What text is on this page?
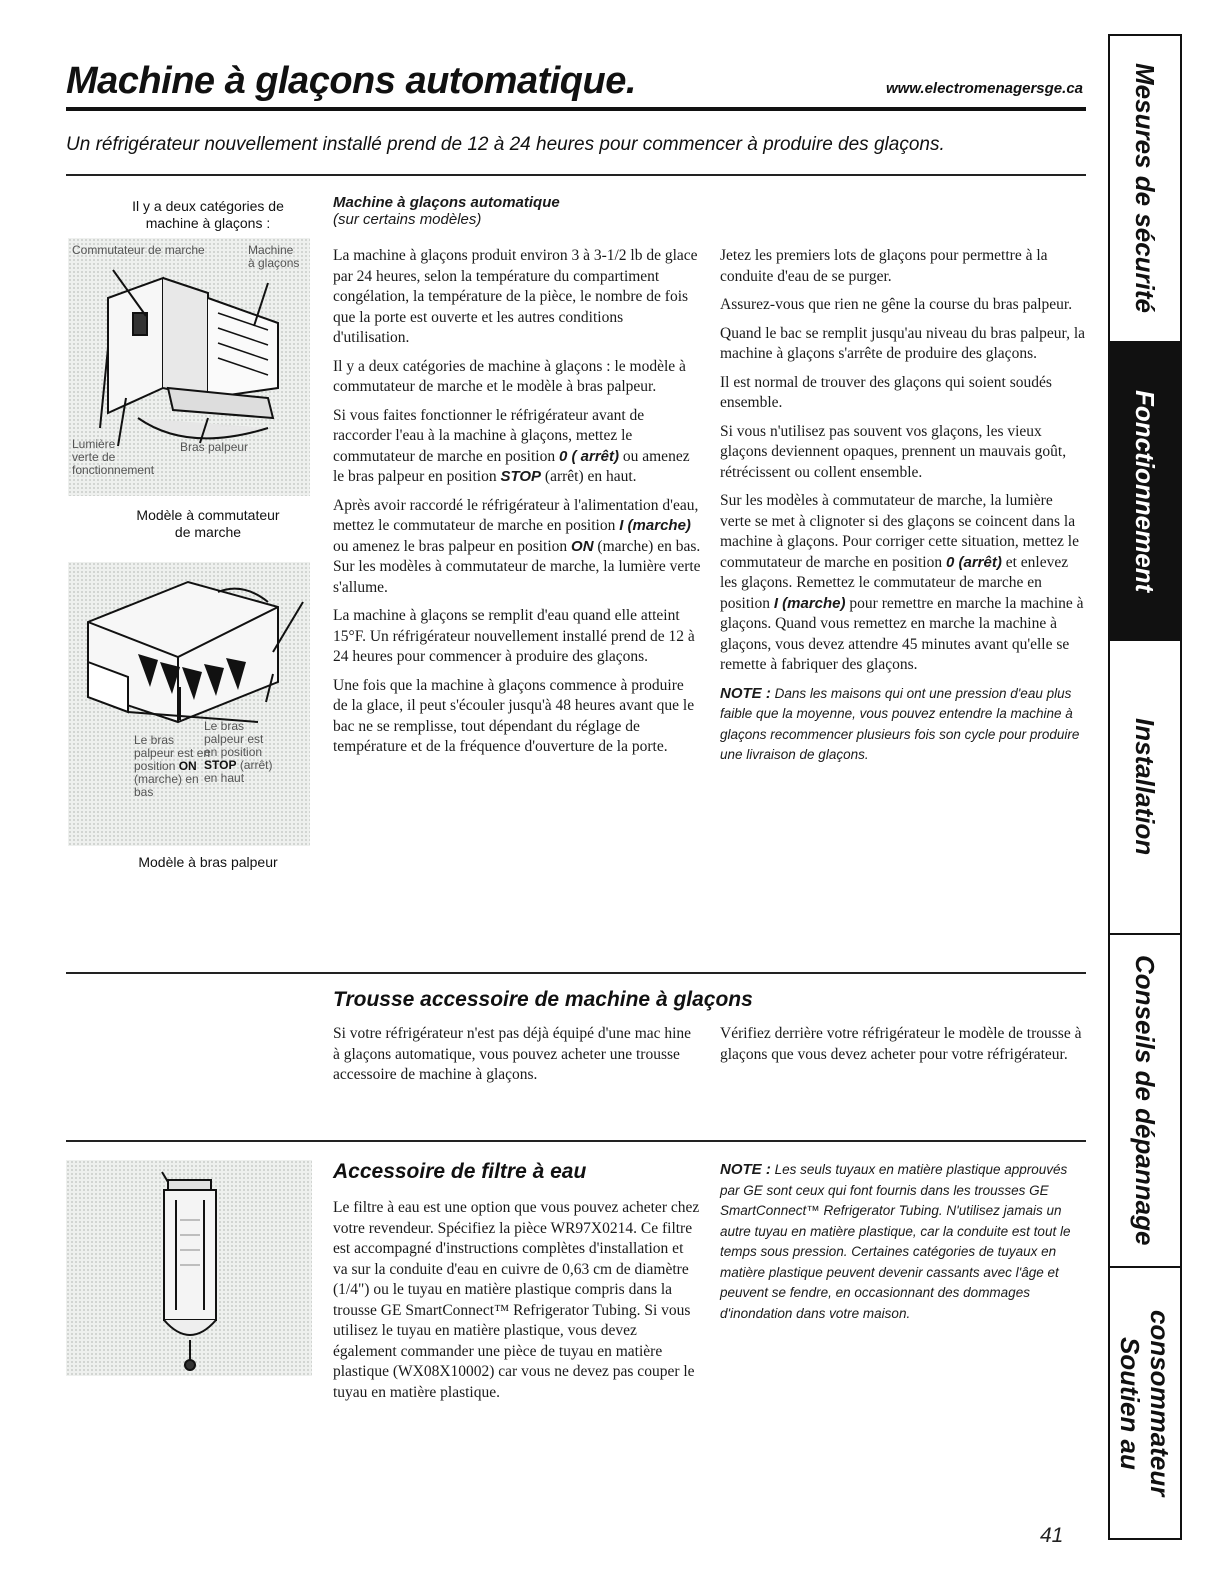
Machine à glaçons automatique.	www.electromenagersge.ca
Un réfrigérateur nouvellement installé prend de 12 à 24 heures pour commencer à produire des glaçons.
Il y a deux catégories de
machine à glaçons :
Commutateur de marche	Machine
à glaçons
Lumière
verte de
fonctionnement
Bras palpeur
Modèle à commutateur
de marche
Le bras
palpeur est
en position
STOP (arrêt)
en haut
Le bras
palpeur est en
position ON
(marche) en
bas
Modèle à bras palpeur
Machine à glaçons automatique
(sur certains modèles)

La machine à glaçons produit environ 3 à 3-1/2 lb de glace par 24 heures, selon la température du compartiment congélation, la température de la pièce, le nombre de fois que la porte est ouverte et les autres conditions d'utilisation.

Il y a deux catégories de machine à glaçons : le modèle à commutateur de marche et le modèle à bras palpeur.

Si vous faites fonctionner le réfrigérateur avant de raccorder l'eau à la machine à glaçons, mettez le commutateur de marche en position 0 ( arrêt) ou amenez le bras palpeur en position STOP (arrêt) en haut.

Après avoir raccordé le réfrigérateur à l'alimentation d'eau, mettez le commutateur de marche en position I (marche) ou amenez le bras palpeur en position ON (marche) en bas. Sur les modèles à commutateur de marche, la lumière verte s'allume.

La machine à glaçons se remplit d'eau quand elle atteint 15°F. Un réfrigérateur nouvellement installé prend de 12 à 24 heures pour commencer à produire des glaçons.

Une fois que la machine à glaçons commence à produire de la glace, il peut s'écouler jusqu'à 48 heures avant que le bac ne se remplisse, tout dépendant du réglage de température et de la fréquence d'ouverture de la porte.

Jetez les premiers lots de glaçons pour permettre à la conduite d'eau de se purger.

Assurez-vous que rien ne gêne la course du bras palpeur.

Quand le bac se remplit jusqu'au niveau du bras palpeur, la machine à glaçons s'arrête de produire des glaçons.

Il est normal de trouver des glaçons qui soient soudés ensemble.

Si vous n'utilisez pas souvent vos glaçons, les vieux glaçons deviennent opaques, prennent un mauvais goût, rétrécissent ou collent ensemble.

Sur les modèles à commutateur de marche, la lumière verte se met à clignoter si des glaçons se coincent dans la machine à glaçons. Pour corriger cette situation, mettez le commutateur de marche en position 0 (arrêt) et enlevez les glaçons. Remettez le commutateur de marche en position I (marche) pour remettre en marche la machine à glaçons. Quand vous remettez en marche la machine à glaçons, vous devez attendre 45 minutes avant qu'elle se remette à fabriquer des glaçons.

NOTE : Dans les maisons qui ont une pression d'eau plus faible que la moyenne, vous pouvez entendre la machine à glaçons recommencer plusieurs fois son cycle pour produire une livraison de glaçons.

Trousse accessoire de machine à glaçons

Si votre réfrigérateur n'est pas déjà équipé d'une mac hine à glaçons automatique, vous pouvez acheter une trousse accessoire de machine à glaçons.

Vérifiez derrière votre réfrigérateur le modèle de trousse à glaçons que vous devez acheter pour votre réfrigérateur.

Accessoire de filtre à eau

Le filtre à eau est une option que vous pouvez acheter chez votre revendeur. Spécifiez la pièce WR97X0214. Ce filtre est accompagné d'instructions complètes d'installation et va sur la conduite d'eau en cuivre de 0,63 cm de diamètre (1/4") ou le tuyau en matière plastique compris dans la trousse GE SmartConnect™ Refrigerator Tubing. Si vous utilisez le tuyau en matière plastique, vous devez également commander une pièce de tuyau en matière plastique (WX08X10002) car vous ne devez pas couper le tuyau en matière plastique.

NOTE : Les seuls tuyaux en matière plastique approuvés par GE sont ceux qui font fournis dans les trousses GE SmartConnect™ Refrigerator Tubing. N'utilisez jamais un autre tuyau en matière plastique, car la conduite est tout le temps sous pression. Certaines catégories de tuyaux en matière plastique peuvent devenir cassants avec l'âge et peuvent se fendre, en occasionnant des dommages d'inondation dans votre maison.

Mesures de sécurité
Fonctionnement
Installation
Conseils de dépannage
Soutien au consommateur
41
